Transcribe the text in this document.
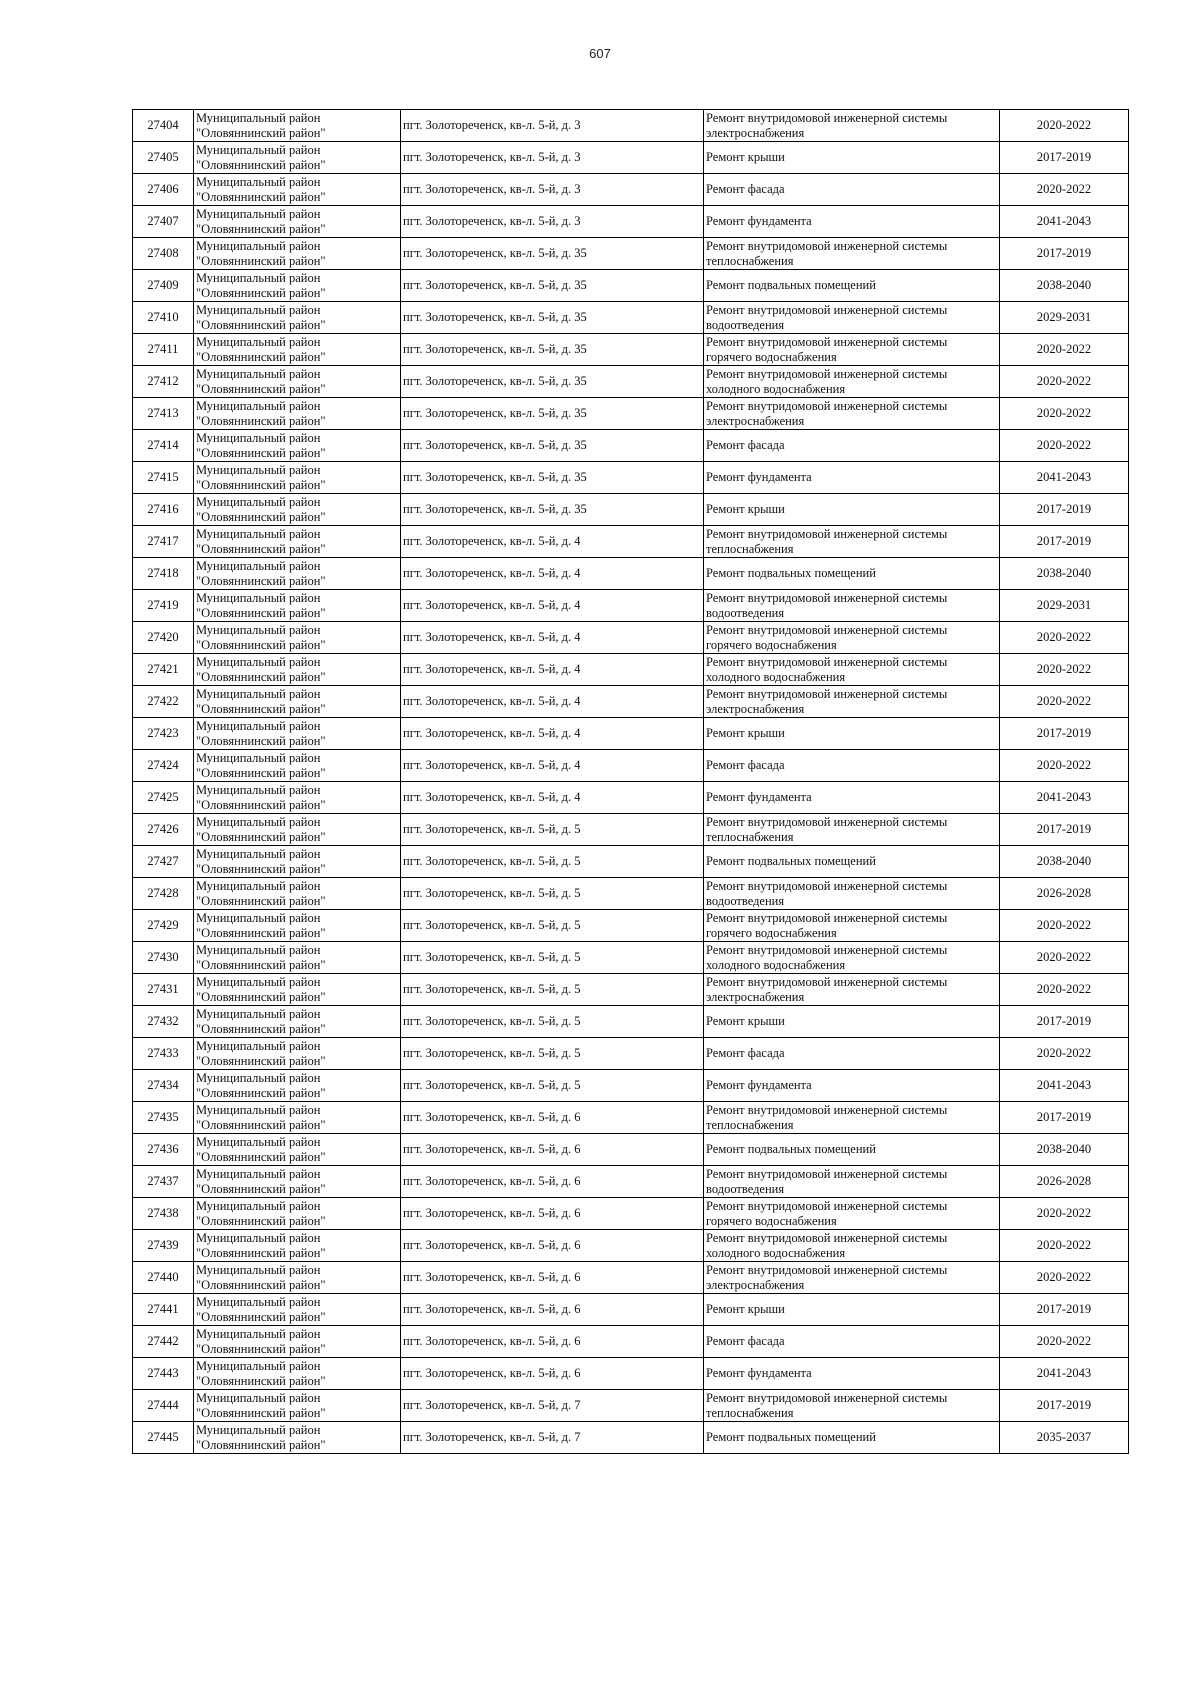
607
27404	Муниципальный район
"Оловяннинский район"	пгт. Золотореченск, кв-л. 5-й, д. 3	Ремонт внутридомовой инженерной системы
электроснабжения	2020-2022
27405	Муниципальный район
"Оловяннинский район"	пгт. Золотореченск, кв-л. 5-й, д. 3	Ремонт крыши	2017-2019
27406	Муниципальный район
"Оловяннинский район"	пгт. Золотореченск, кв-л. 5-й, д. 3	Ремонт фасада	2020-2022
27407	Муниципальный район
"Оловяннинский район"	пгт. Золотореченск, кв-л. 5-й, д. 3	Ремонт фундамента	2041-2043
27408	Муниципальный район
"Оловяннинский район"	пгт. Золотореченск, кв-л. 5-й, д. 35	Ремонт внутридомовой инженерной системы
теплоснабжения	2017-2019
27409	Муниципальный район
"Оловяннинский район"	пгт. Золотореченск, кв-л. 5-й, д. 35	Ремонт подвальных помещений	2038-2040
27410	Муниципальный район
"Оловяннинский район"	пгт. Золотореченск, кв-л. 5-й, д. 35	Ремонт внутридомовой инженерной системы
водоотведения	2029-2031
27411	Муниципальный район
"Оловяннинский район"	пгт. Золотореченск, кв-л. 5-й, д. 35	Ремонт внутридомовой инженерной системы
горячего водоснабжения	2020-2022
27412	Муниципальный район
"Оловяннинский район"	пгт. Золотореченск, кв-л. 5-й, д. 35	Ремонт внутридомовой инженерной системы
холодного водоснабжения	2020-2022
27413	Муниципальный район
"Оловяннинский район"	пгт. Золотореченск, кв-л. 5-й, д. 35	Ремонт внутридомовой инженерной системы
электроснабжения	2020-2022
27414	Муниципальный район
"Оловяннинский район"	пгт. Золотореченск, кв-л. 5-й, д. 35	Ремонт фасада	2020-2022
27415	Муниципальный район
"Оловяннинский район"	пгт. Золотореченск, кв-л. 5-й, д. 35	Ремонт фундамента	2041-2043
27416	Муниципальный район
"Оловяннинский район"	пгт. Золотореченск, кв-л. 5-й, д. 35	Ремонт крыши	2017-2019
27417	Муниципальный район
"Оловяннинский район"	пгт. Золотореченск, кв-л. 5-й, д. 4	Ремонт внутридомовой инженерной системы
теплоснабжения	2017-2019
27418	Муниципальный район
"Оловяннинский район"	пгт. Золотореченск, кв-л. 5-й, д. 4	Ремонт подвальных помещений	2038-2040
27419	Муниципальный район
"Оловяннинский район"	пгт. Золотореченск, кв-л. 5-й, д. 4	Ремонт внутридомовой инженерной системы
водоотведения	2029-2031
27420	Муниципальный район
"Оловяннинский район"	пгт. Золотореченск, кв-л. 5-й, д. 4	Ремонт внутридомовой инженерной системы
горячего водоснабжения	2020-2022
27421	Муниципальный район
"Оловяннинский район"	пгт. Золотореченск, кв-л. 5-й, д. 4	Ремонт внутридомовой инженерной системы
холодного водоснабжения	2020-2022
27422	Муниципальный район
"Оловяннинский район"	пгт. Золотореченск, кв-л. 5-й, д. 4	Ремонт внутридомовой инженерной системы
электроснабжения	2020-2022
27423	Муниципальный район
"Оловяннинский район"	пгт. Золотореченск, кв-л. 5-й, д. 4	Ремонт крыши	2017-2019
27424	Муниципальный район
"Оловяннинский район"	пгт. Золотореченск, кв-л. 5-й, д. 4	Ремонт фасада	2020-2022
27425	Муниципальный район
"Оловяннинский район"	пгт. Золотореченск, кв-л. 5-й, д. 4	Ремонт фундамента	2041-2043
27426	Муниципальный район
"Оловяннинский район"	пгт. Золотореченск, кв-л. 5-й, д. 5	Ремонт внутридомовой инженерной системы
теплоснабжения	2017-2019
27427	Муниципальный район
"Оловяннинский район"	пгт. Золотореченск, кв-л. 5-й, д. 5	Ремонт подвальных помещений	2038-2040
27428	Муниципальный район
"Оловяннинский район"	пгт. Золотореченск, кв-л. 5-й, д. 5	Ремонт внутридомовой инженерной системы
водоотведения	2026-2028
27429	Муниципальный район
"Оловяннинский район"	пгт. Золотореченск, кв-л. 5-й, д. 5	Ремонт внутридомовой инженерной системы
горячего водоснабжения	2020-2022
27430	Муниципальный район
"Оловяннинский район"	пгт. Золотореченск, кв-л. 5-й, д. 5	Ремонт внутридомовой инженерной системы
холодного водоснабжения	2020-2022
27431	Муниципальный район
"Оловяннинский район"	пгт. Золотореченск, кв-л. 5-й, д. 5	Ремонт внутридомовой инженерной системы
электроснабжения	2020-2022
27432	Муниципальный район
"Оловяннинский район"	пгт. Золотореченск, кв-л. 5-й, д. 5	Ремонт крыши	2017-2019
27433	Муниципальный район
"Оловяннинский район"	пгт. Золотореченск, кв-л. 5-й, д. 5	Ремонт фасада	2020-2022
27434	Муниципальный район
"Оловяннинский район"	пгт. Золотореченск, кв-л. 5-й, д. 5	Ремонт фундамента	2041-2043
27435	Муниципальный район
"Оловяннинский район"	пгт. Золотореченск, кв-л. 5-й, д. 6	Ремонт внутридомовой инженерной системы
теплоснабжения	2017-2019
27436	Муниципальный район
"Оловяннинский район"	пгт. Золотореченск, кв-л. 5-й, д. 6	Ремонт подвальных помещений	2038-2040
27437	Муниципальный район
"Оловяннинский район"	пгт. Золотореченск, кв-л. 5-й, д. 6	Ремонт внутридомовой инженерной системы
водоотведения	2026-2028
27438	Муниципальный район
"Оловяннинский район"	пгт. Золотореченск, кв-л. 5-й, д. 6	Ремонт внутридомовой инженерной системы
горячего водоснабжения	2020-2022
27439	Муниципальный район
"Оловяннинский район"	пгт. Золотореченск, кв-л. 5-й, д. 6	Ремонт внутридомовой инженерной системы
холодного водоснабжения	2020-2022
27440	Муниципальный район
"Оловяннинский район"	пгт. Золотореченск, кв-л. 5-й, д. 6	Ремонт внутридомовой инженерной системы
электроснабжения	2020-2022
27441	Муниципальный район
"Оловяннинский район"	пгт. Золотореченск, кв-л. 5-й, д. 6	Ремонт крыши	2017-2019
27442	Муниципальный район
"Оловяннинский район"	пгт. Золотореченск, кв-л. 5-й, д. 6	Ремонт фасада	2020-2022
27443	Муниципальный район
"Оловяннинский район"	пгт. Золотореченск, кв-л. 5-й, д. 6	Ремонт фундамента	2041-2043
27444	Муниципальный район
"Оловяннинский район"	пгт. Золотореченск, кв-л. 5-й, д. 7	Ремонт внутридомовой инженерной системы
теплоснабжения	2017-2019
27445	Муниципальный район
"Оловяннинский район"	пгт. Золотореченск, кв-л. 5-й, д. 7	Ремонт подвальных помещений	2035-2037
